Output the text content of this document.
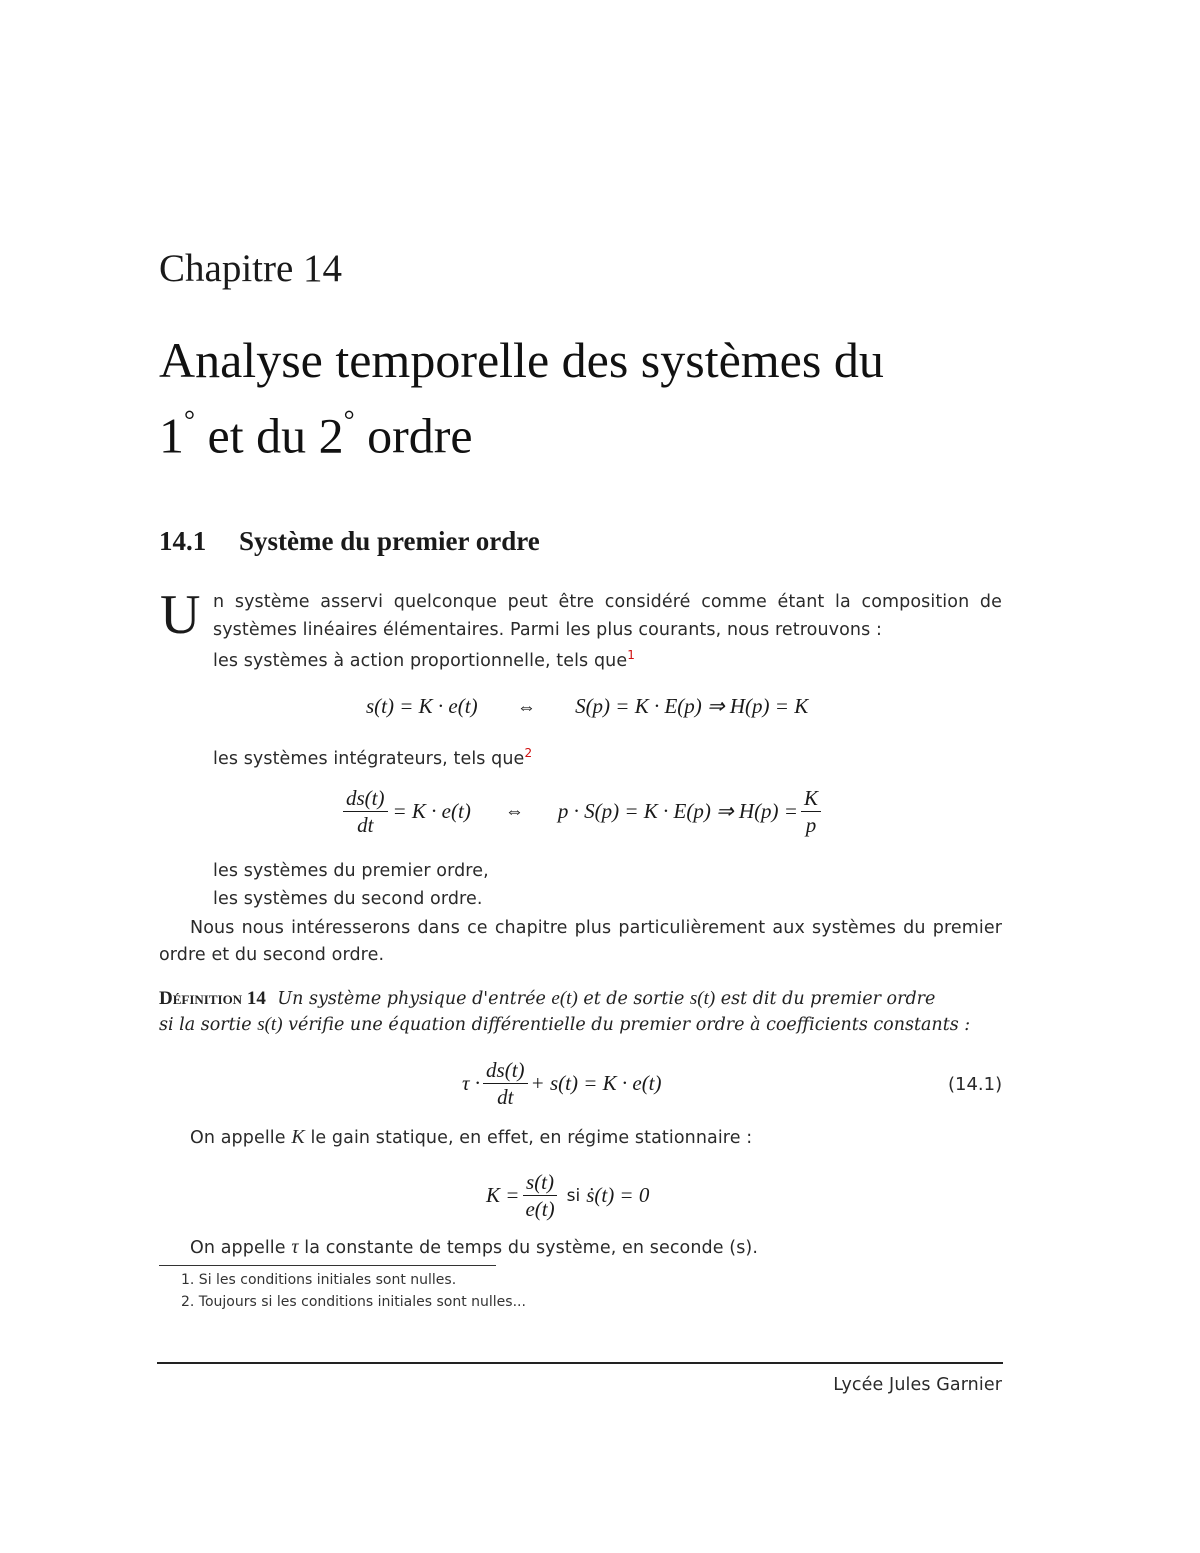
Chapitre 14
Analyse temporelle des systèmes du
1° et du 2° ordre
14.1 Système du premier ordre
U n système asservi quelconque peut être considéré comme étant la composition de
systèmes linéaires élémentaires. Parmi les plus courants, nous retrouvons :
les systèmes à action proportionnelle, tels que$^1$
s(t) = K · e(t) ⇔ S(p) = K · E(p) ⇒ H(p) = K
les systèmes intégrateurs, tels que$^2$
$\frac{ds(t)}{dt} = K \cdot e(t)$ ⇔ p · S(p) = K · E(p) ⇒ $H(p) = \frac{K}{p}$
les systèmes du premier ordre,
les systèmes du second ordre.
Nous nous intéresserons dans ce chapitre plus particulièrement aux systèmes du premier
ordre et du second ordre.
Définition 14 Un système physique d'entrée e(t) et de sortie s(t) est dit du premier ordre
si la sortie s(t) vérifie une équation différentielle du premier ordre à coefficients constants :
$\tau \cdot \frac{ds(t)}{dt} + s(t) = K \cdot e(t)$	(14.1)
On appelle K le gain statique, en effet, en régime stationnaire :
$K = \frac{s(t)}{e(t)}$ si ṡ(t) = 0
On appelle τ la constante de temps du système, en seconde (s).
1. Si les conditions initiales sont nulles.
2. Toujours si les conditions initiales sont nulles...
Lycée Jules Garnier
